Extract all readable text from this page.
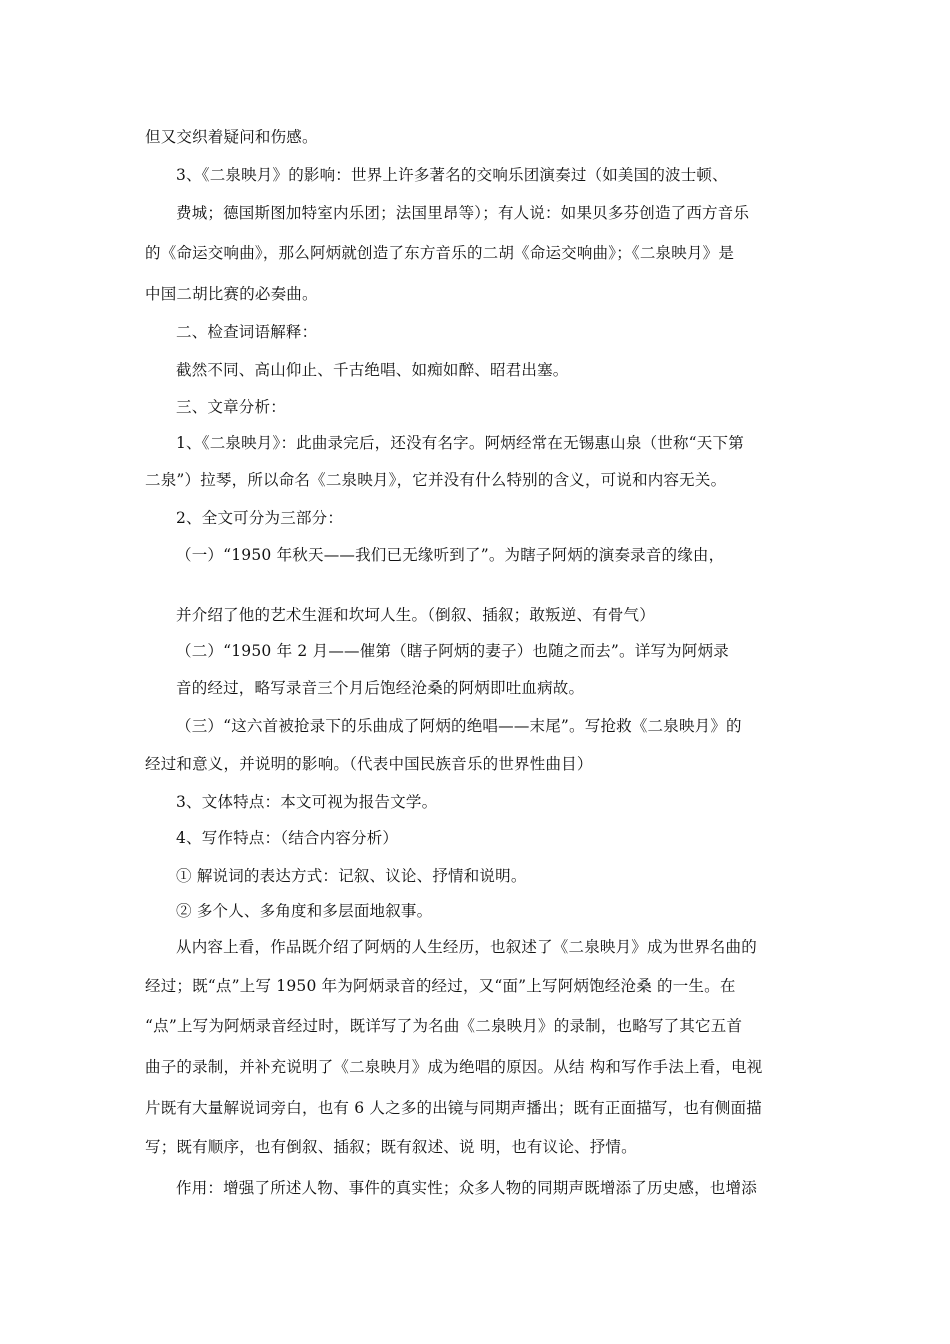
但又交织着疑问和伤感。
3、《二泉映月》的影响：世界上许多著名的交响乐团演奏过（如美国的波士顿、
费城；德国斯图加特室内乐团；法国里昂等）；有人说：如果贝多芬创造了西方音乐
的《命运交响曲》，那么阿炳就创造了东方音乐的二胡《命运交响曲》；《二泉映月》是
中国二胡比赛的必奏曲。
二、检查词语解释：
截然不同、高山仰止、千古绝唱、如痴如醉、昭君出塞。
三、文章分析：
1、《二泉映月》：此曲录完后，还没有名字。阿炳经常在无锡惠山泉（世称“天下第
二泉”）拉琴，所以命名《二泉映月》，它并没有什么特别的含义，可说和内容无关。
2、全文可分为三部分：
（一）“1950 年秋天——我们已无缘听到了”。为瞎子阿炳的演奏录音的缘由，
并介绍了他的艺术生涯和坎坷人生。（倒叙、插叙；敢叛逆、有骨气）
（二）“1950 年 2 月——催第（瞎子阿炳的妻子）也随之而去”。详写为阿炳录
音的经过，略写录音三个月后饱经沧桑的阿炳即吐血病故。
（三）“这六首被抢录下的乐曲成了阿炳的绝唱——末尾”。写抢救《二泉映月》的
经过和意义，并说明的影响。（代表中国民族音乐的世界性曲目）
3、文体特点：本文可视为报告文学。
4、写作特点：（结合内容分析）
① 解说词的表达方式：记叙、议论、抒情和说明。
② 多个人、多角度和多层面地叙事。
从内容上看，作品既介绍了阿炳的人生经历，也叙述了《二泉映月》成为世界名曲的
经过；既“点”上写 1950 年为阿炳录音的经过，又“面”上写阿炳饱经沧桑 的一生。在
“点”上写为阿炳录音经过时，既详写了为名曲《二泉映月》的录制，也略写了其它五首
曲子的录制，并补充说明了《二泉映月》成为绝唱的原因。从结 构和写作手法上看，电视
片既有大量解说词旁白，也有 6 人之多的出镜与同期声播出；既有正面描写，也有侧面描
写；既有顺序，也有倒叙、插叙；既有叙述、说 明，也有议论、抒情。
作用：增强了所述人物、事件的真实性；众多人物的同期声既增添了历史感，也增添
